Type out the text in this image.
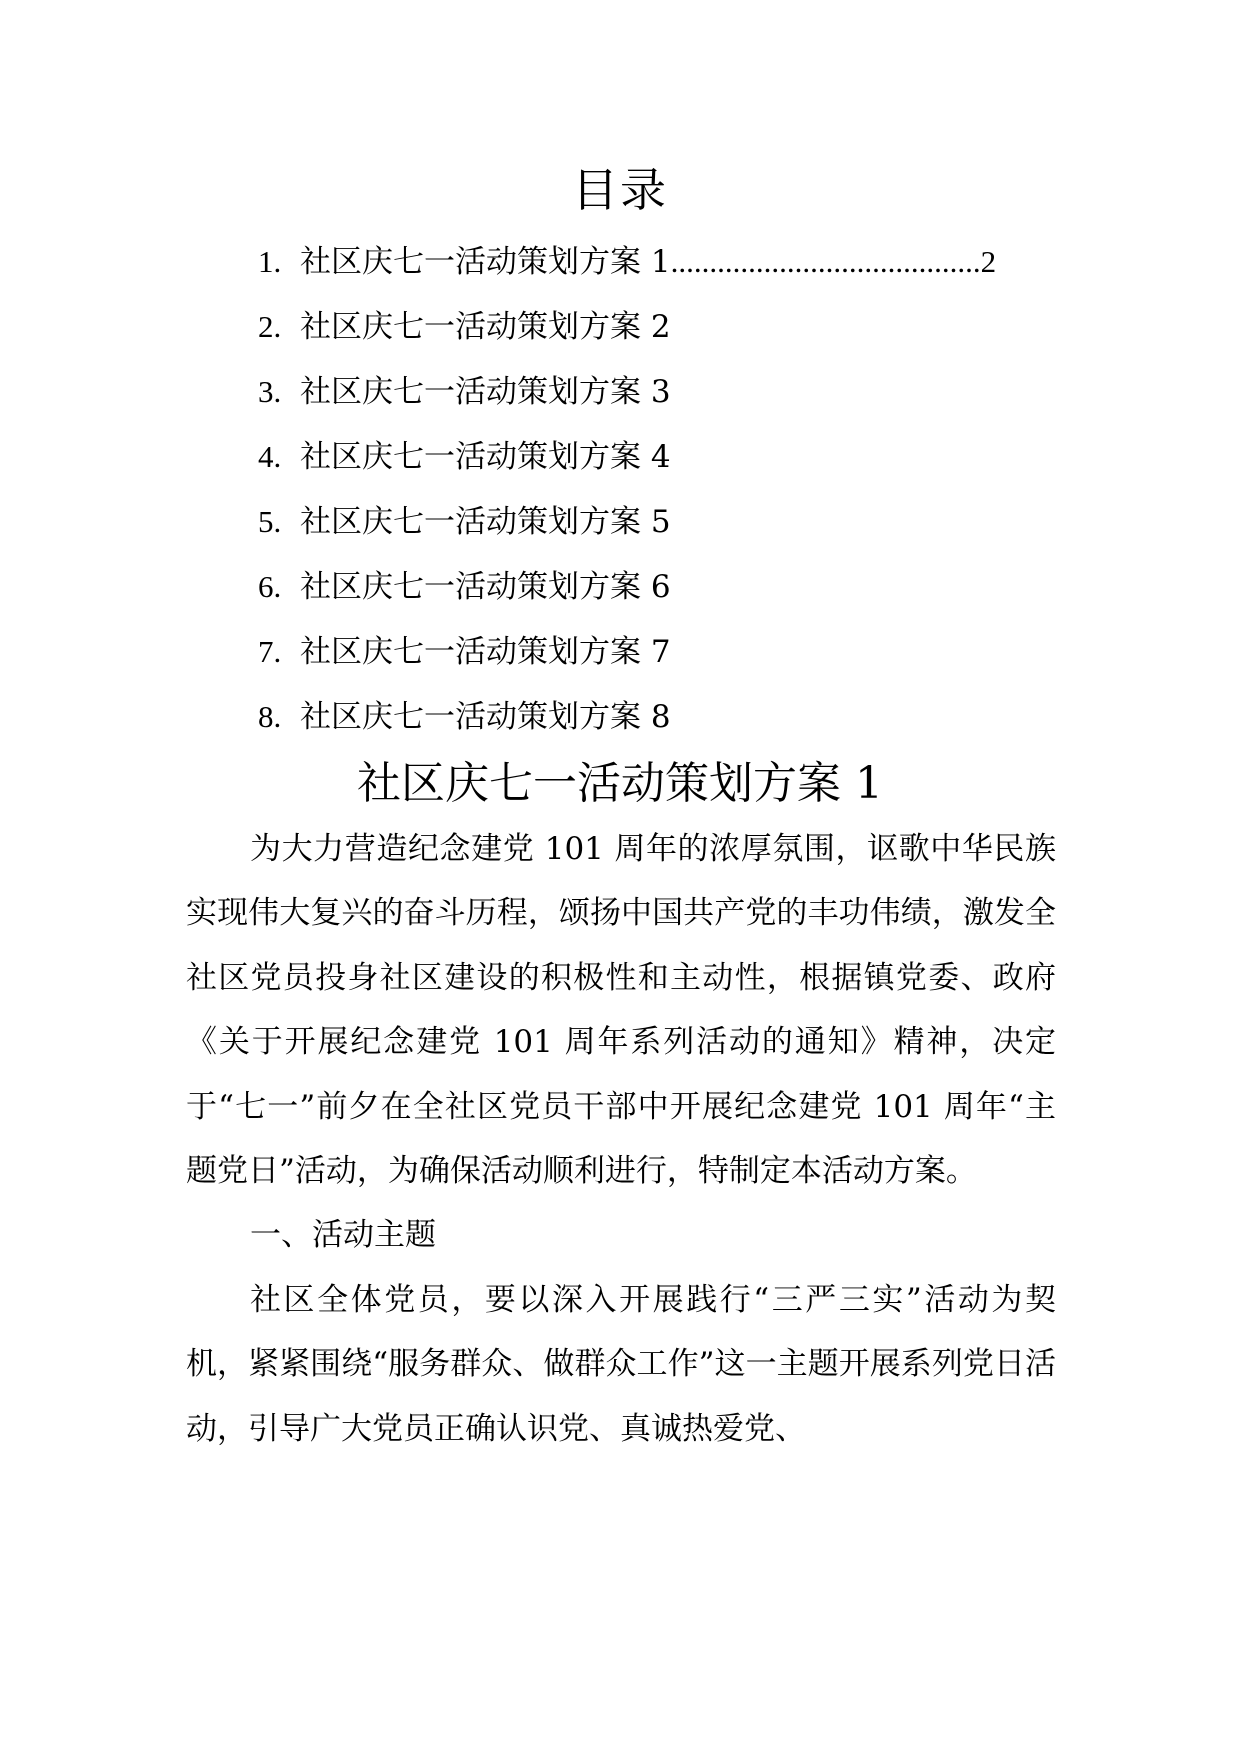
目录
1. 社区庆七一活动策划方案 1........................................2
2. 社区庆七一活动策划方案 2
3. 社区庆七一活动策划方案 3
4. 社区庆七一活动策划方案 4
5. 社区庆七一活动策划方案 5
6. 社区庆七一活动策划方案 6
7. 社区庆七一活动策划方案 7
8. 社区庆七一活动策划方案 8
社区庆七一活动策划方案 1

为大力营造纪念建党 101 周年的浓厚氛围，讴歌中华民族实现伟大复兴的奋斗历程，颂扬中国共产党的丰功伟绩，激发全社区党员投身社区建设的积极性和主动性，根据镇党委、政府《关于开展纪念建党 101 周年系列活动的通知》精神，决定于“七一”前夕在全社区党员干部中开展纪念建党 101 周年“主题党日”活动，为确保活动顺利进行，特制定本活动方案。

一、活动主题

社区全体党员，要以深入开展践行“三严三实”活动为契机，紧紧围绕“服务群众、做群众工作”这一主题开展系列党日活动，引导广大党员正确认识党、真诚热爱党、
